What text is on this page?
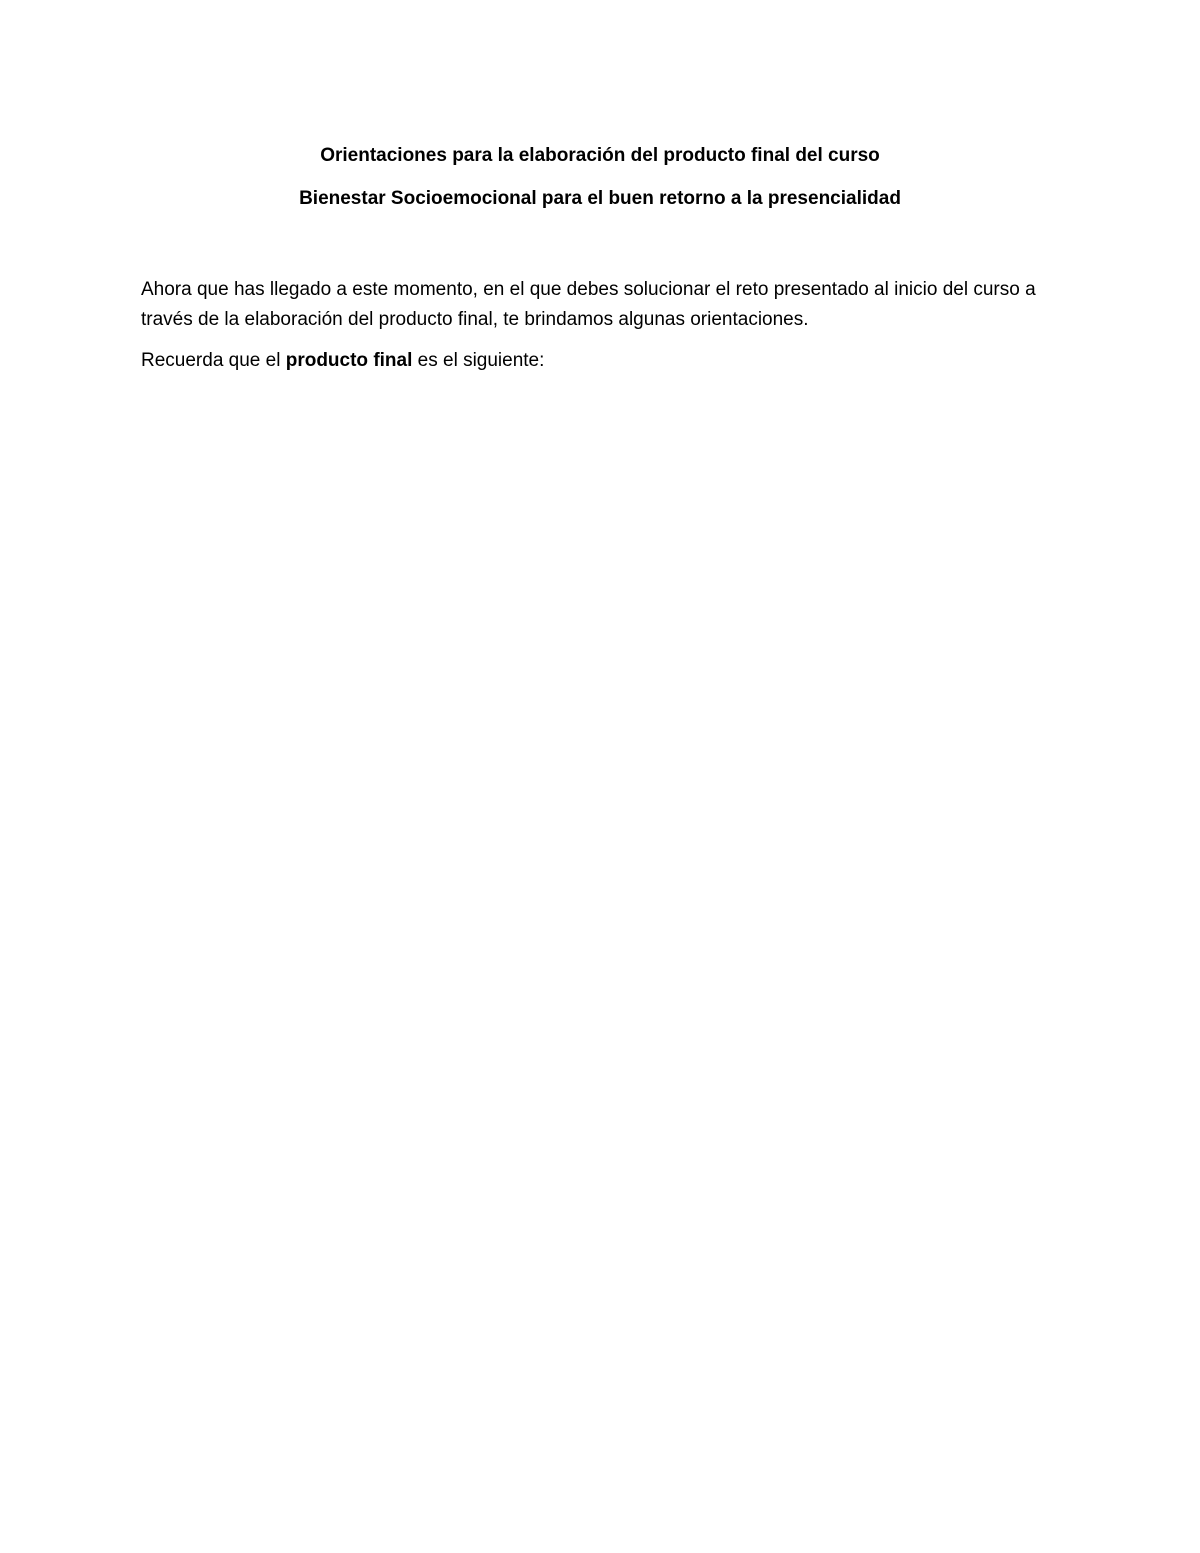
Orientaciones para la elaboración del producto final del curso
Bienestar Socioemocional para el buen retorno a la presencialidad
Ahora que has llegado a este momento, en el que debes solucionar el reto presentado al inicio del curso a través de la elaboración del producto final, te brindamos algunas orientaciones.
Recuerda que el producto final es el siguiente:
